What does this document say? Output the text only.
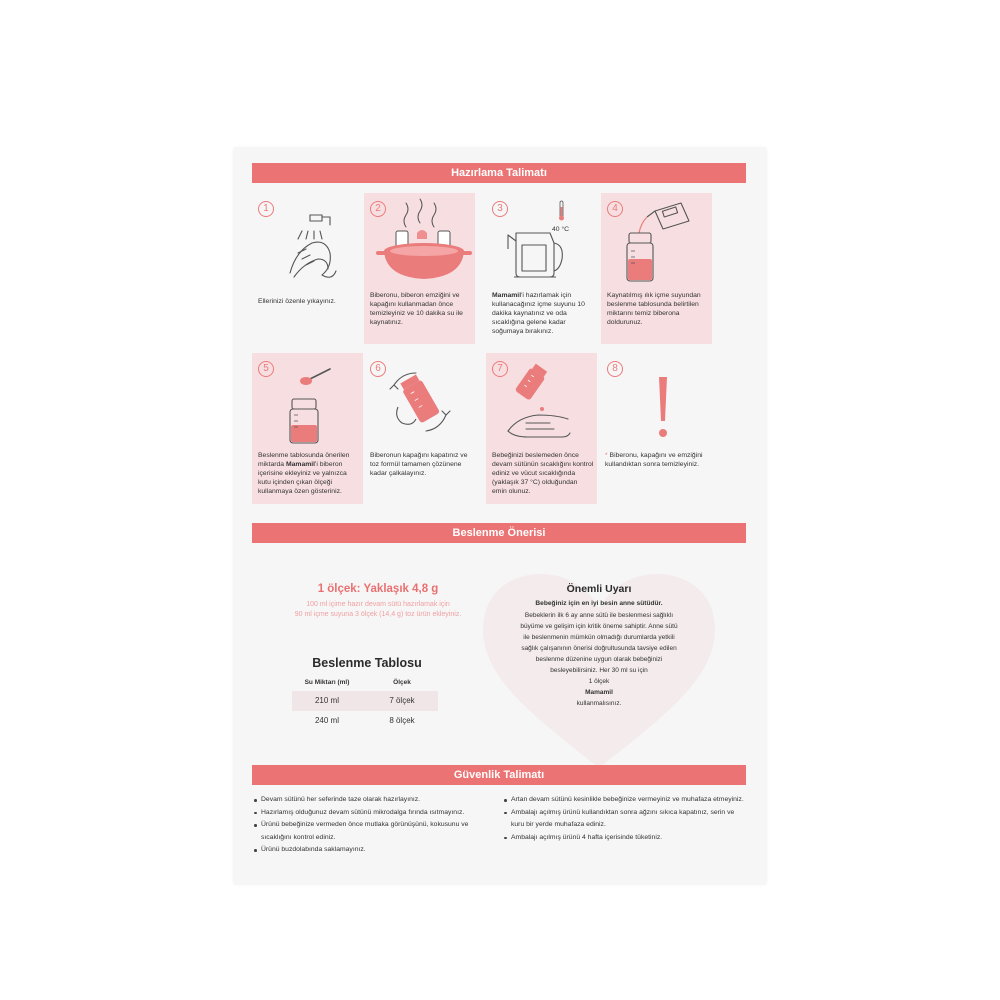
Hazırlama Talimatı
1
Ellerinizi özenle yıkayınız.
2
Biberonu, biberon emziğini ve kapağını kullanmadan önce temizleyiniz ve 10 dakika su ile kaynatınız.
3
40 °C
Mamamil'i hazırlamak için kullanacağınız içme suyunu 10 dakika kaynatınız ve oda sıcaklığına gelene kadar soğumaya bırakınız.
4
Kaynatılmış ılık içme suyundan beslenme tablosunda belirtilen miktarını temiz biberona doldurunuz.
5
Beslenme tablosunda önerilen miktarda Mamamil'i biberon içerisine ekleyiniz ve yalnızca kutu içinden çıkan ölçeği kullanmaya özen gösteriniz.
6
Biberonun kapağını kapatınız ve toz formül tamamen çözünene kadar çalkalayınız.
7
Bebeğinizi beslemeden önce devam sütünün sıcaklığını kontrol ediniz ve vücut sıcaklığında (yaklaşık 37 °C) olduğundan emin olunuz.
8
* Biberonu, kapağını ve emziğini kullandıktan sonra temizleyiniz.
Beslenme Önerisi
1 ölçek: Yaklaşık 4,8 g
100 ml içime hazır devam sütü hazırlamak için
90 ml içme suyuna 3 ölçek (14,4 g) toz ürün ekleyiniz.
Beslenme Tablosu
Su Miktarı (ml)	Ölçek
210 ml	7 ölçek
240 ml	8 ölçek
Önemli Uyarı
Bebeğiniz için en iyi besin anne sütüdür.
Bebeklerin ilk 6 ay anne sütü ile beslenmesi sağlıklı
büyüme ve gelişim için kritik öneme sahiptir. Anne sütü
ile beslenmenin mümkün olmadığı durumlarda yetkili
sağlık çalışanının önerisi doğrultusunda tavsiye edilen
beslenme düzenine uygun olarak bebeğinizi
besleyebilirsiniz. Her 30 ml su için
1 ölçek
Mamamil
kullanmalısınız.
Güvenlik Talimatı
Devam sütünü her seferinde taze olarak hazırlayınız.
Hazırlamış olduğunuz devam sütünü mikrodalga fırında ısıtmayınız.
Ürünü bebeğinize vermeden önce mutlaka görünüşünü, kokusunu ve sıcaklığını kontrol ediniz.
Ürünü buzdolabında saklamayınız.
Artan devam sütünü kesinlikle bebeğinize vermeyiniz ve muhafaza etmeyiniz.
Ambalajı açılmış ürünü kullandıktan sonra ağzını sıkıca kapatınız, serin ve kuru bir yerde muhafaza ediniz.
Ambalajı açılmış ürünü 4 hafta içerisinde tüketiniz.
